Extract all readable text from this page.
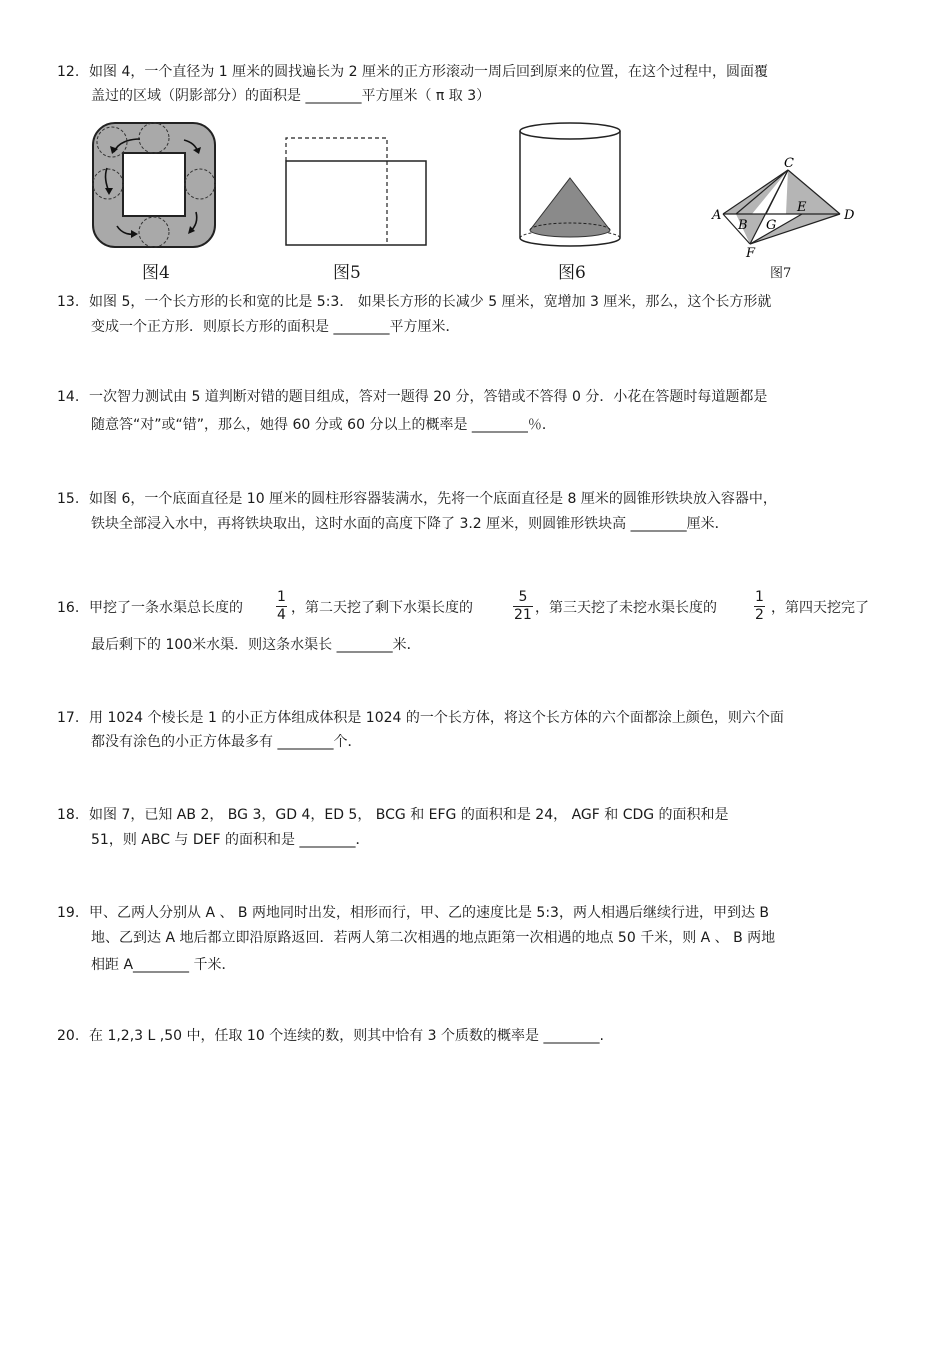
12. 如图 4，一个直径为 1 厘米的圆找遍长为 2 厘米的正方形滚动一周后回到原来的位置，在这个过程中，圆面覆
盖过的区域（阴影部分）的面积是 ________平方厘米（ π 取 3）
图4	图5	图6
A
B
C
D
E
F
G
图7
13. 如图 5，一个长方形的长和宽的比是 5:3． 如果长方形的长减少 5 厘米，宽增加 3 厘米，那么，这个长方形就
变成一个正方形．则原长方形的面积是 ________平方厘米．
14. 一次智力测试由 5 道判断对错的题目组成，答对一题得 20 分，答错或不答得 0 分．小花在答题时每道题都是
随意答“对”或“错”，那么，她得 60 分或 60 分以上的概率是 ________％．
15. 如图 6，一个底面直径是 10 厘米的圆柱形容器装满水，先将一个底面直径是 8 厘米的圆锥形铁块放入容器中，
铁块全部浸入水中，再将铁块取出，这时水面的高度下降了 3.2 厘米，则圆锥形铁块高 ________厘米．
16. 甲挖了一条水渠总长度的
1
4 ，第二天挖了剩下水渠长度的
5
21 ，第三天挖了未挖水渠长度的
1
2 ，第四天挖完了
最后剩下的 100米水渠．则这条水渠长 ________米．
17. 用 1024 个棱长是 1 的小正方体组成体积是 1024 的一个长方体，将这个长方体的六个面都涂上颜色，则六个面
都没有涂色的小正方体最多有 ________个．
18. 如图 7，已知 AB 2， BG 3，GD 4，ED 5， BCG 和 EFG 的面积和是 24， AGF 和 CDG 的面积和是
51，则 ABC 与 DEF 的面积和是 ________．
19. 甲、乙两人分别从 A 、 B 两地同时出发，相形而行，甲、乙的速度比是 5:3，两人相遇后继续行进，甲到达 B
地、乙到达 A 地后都立即沿原路返回．若两人第二次相遇的地点距第一次相遇的地点 50 千米，则 A 、 B 两地
相距 A________ 千米．
20. 在 1,2,3 L ,50 中，任取 10 个连续的数，则其中恰有 3 个质数的概率是 ________.
